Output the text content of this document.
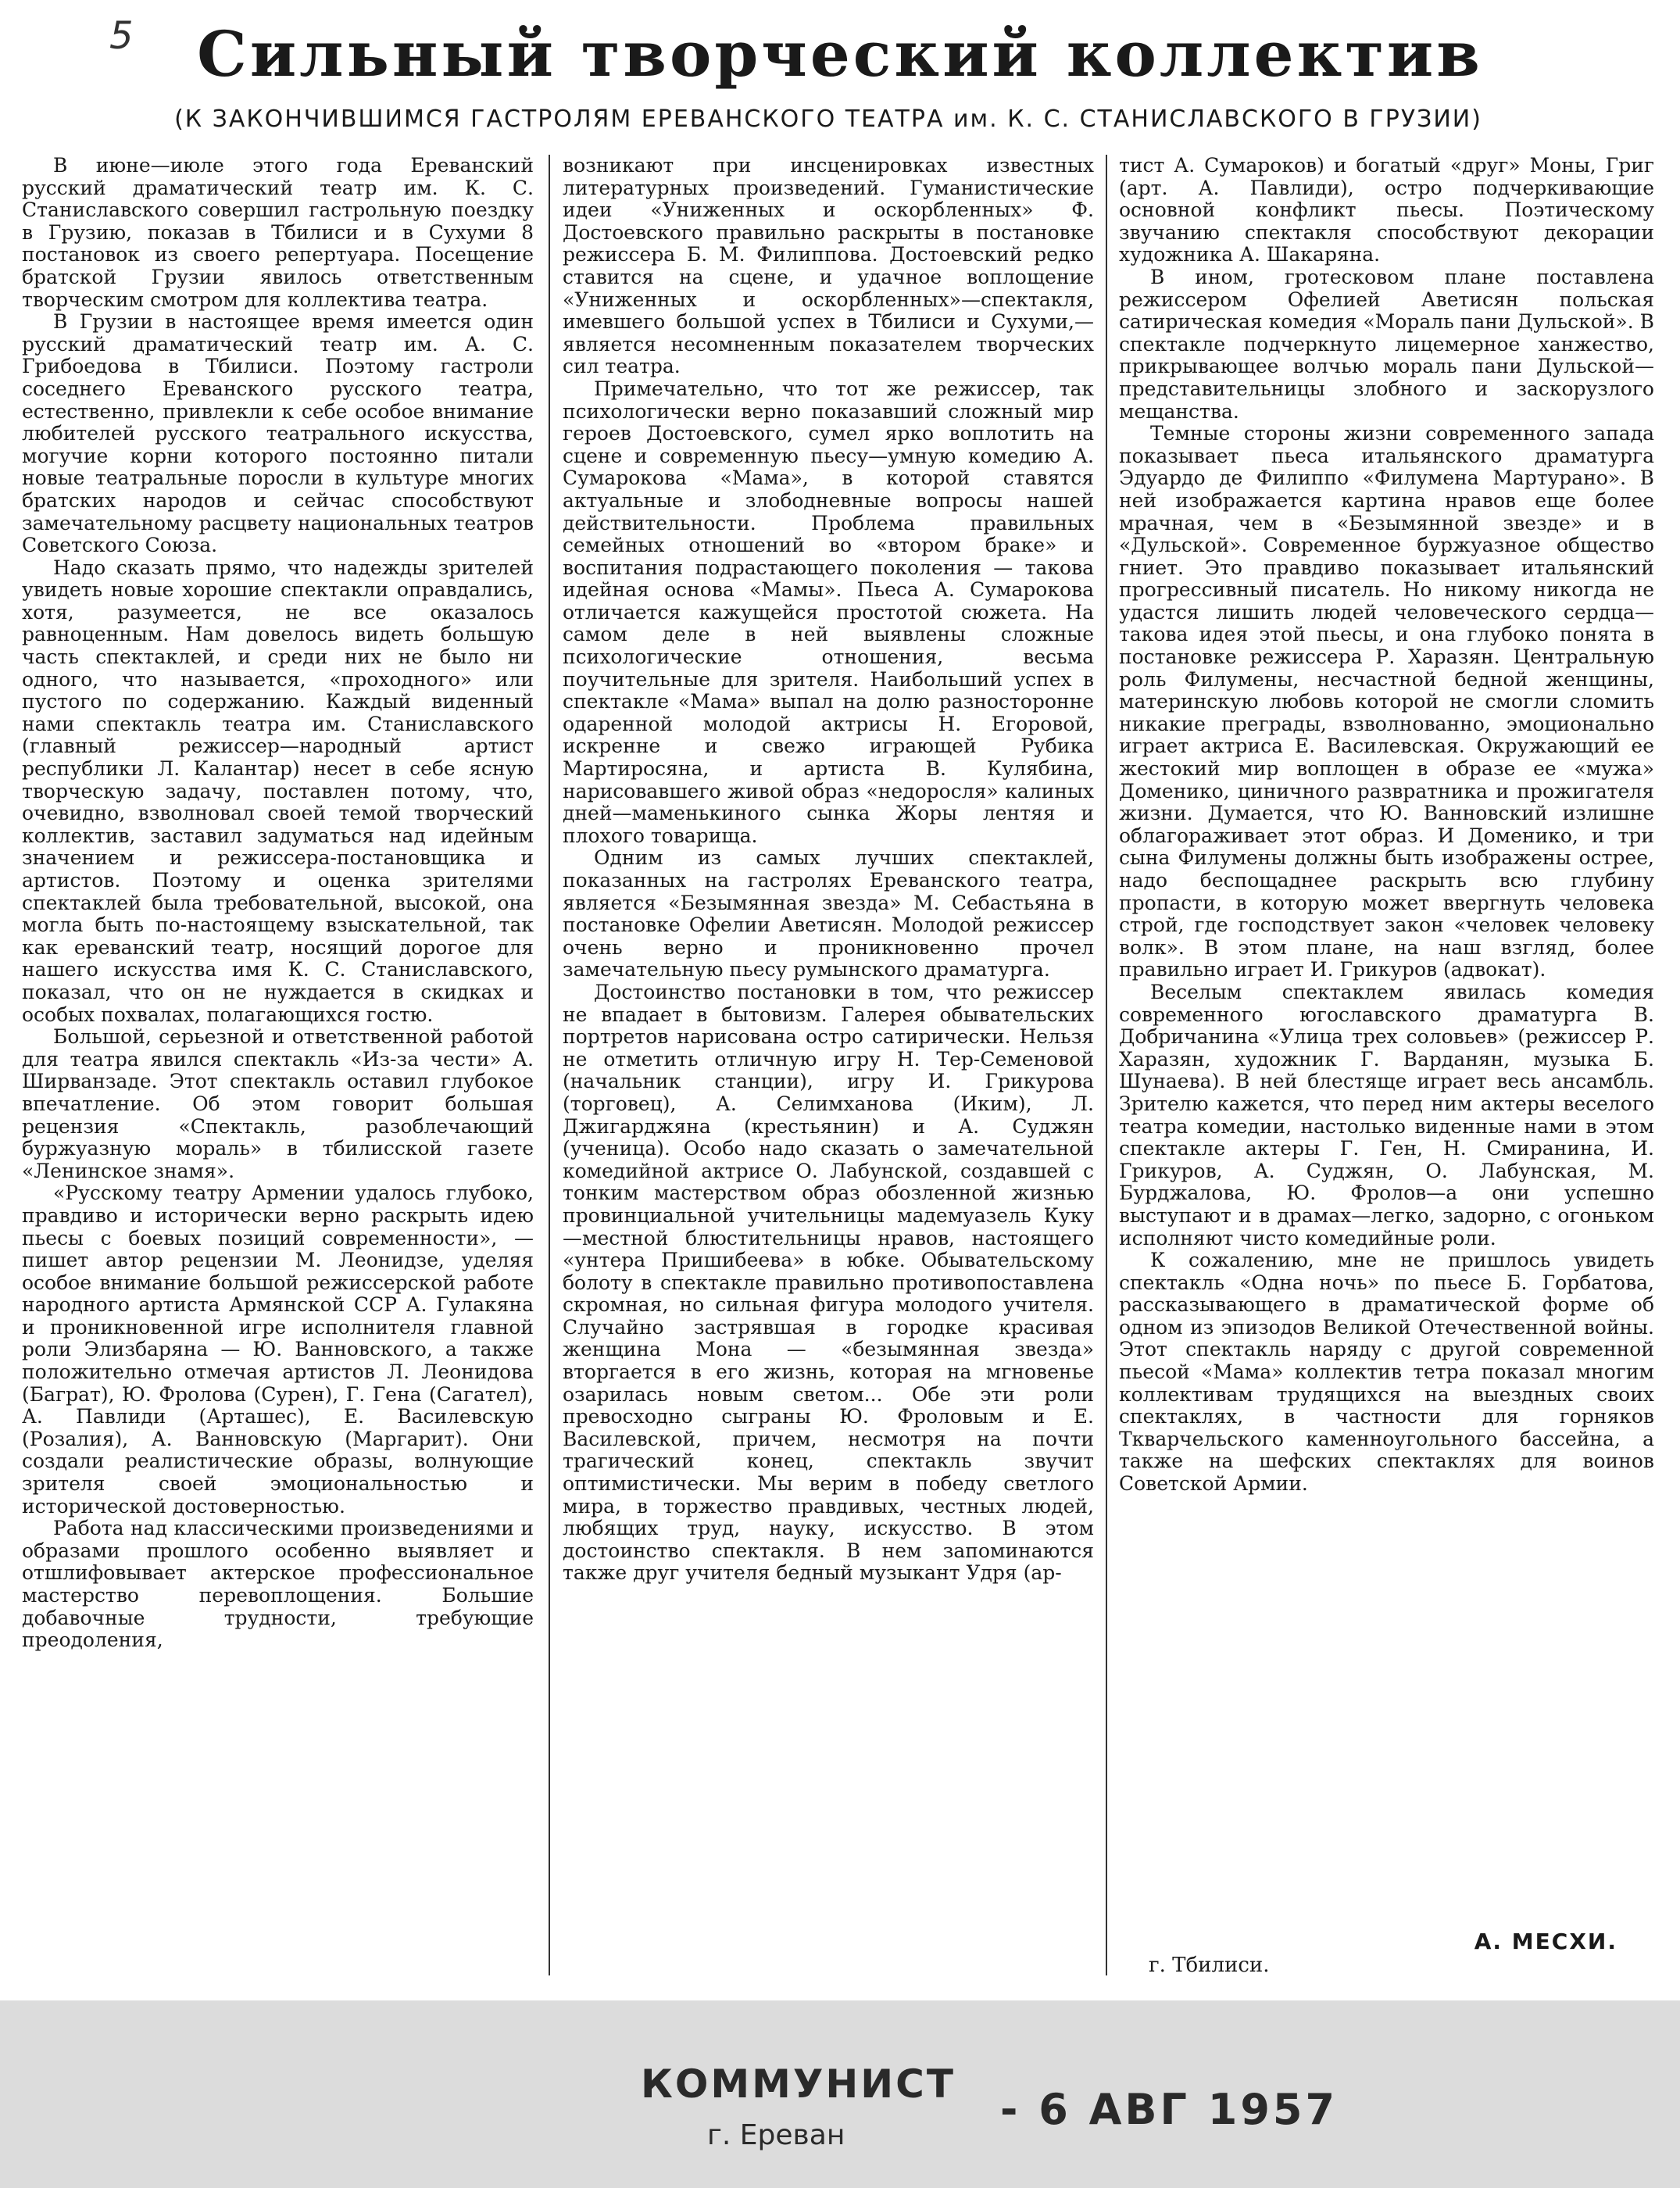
5	Сильный творческий коллектив
(К ЗАКОНЧИВШИМСЯ ГАСТРОЛЯМ ЕРЕВАНСКОГО ТЕАТРА им. К. С. СТАНИСЛАВСКОГО В ГРУЗИИ)

В июне—июле этого года Ереванский русский драматический театр им. К. С. Станиславского совершил гастрольную поездку в Грузию, показав в Тбилиси и в Сухуми 8 постановок из своего репертуара. Посещение братской Грузии явилось ответственным творческим смотром для коллектива театра.

В Грузии в настоящее время имеется один русский драматический театр им. А. С. Грибоедова в Тбилиси. Поэтому гастроли соседнего Ереванского русского театра, естественно, привлекли к себе особое внимание любителей русского театрального искусства, могучие корни которого постоянно питали новые театральные поросли в культуре многих братских народов и сейчас способствуют замечательному расцвету национальных театров Советского Союза.

Надо сказать прямо, что надежды зрителей увидеть новые хорошие спектакли оправдались, хотя, разумеется, не все оказалось равноценным. Нам довелось видеть большую часть спектаклей, и среди них не было ни одного, что называется, «проходного» или пустого по содержанию. Каждый виденный нами спектакль театра им. Станиславского (главный режиссер—народный артист республики Л. Калантар) несет в себе ясную творческую задачу, поставлен потому, что, очевидно, взволновал своей темой творческий коллектив, заставил задуматься над идейным значением и режиссера-постановщика и артистов. Поэтому и оценка зрителями спектаклей была требовательной, высокой, она могла быть по-настоящему взыскательной, так как ереванский театр, носящий дорогое для нашего искусства имя К. С. Станиславского, показал, что он не нуждается в скидках и особых похвалах, полагающихся гостю.

Большой, серьезной и ответственной работой для театра явился спектакль «Из-за чести» А. Ширванзаде. Этот спектакль оставил глубокое впечатление. Об этом говорит большая рецензия «Спектакль, разоблечающий буржуазную мораль» в тбилисской газете «Ленинское знамя».

«Русскому театру Армении удалось глубоко, правдиво и исторически верно раскрыть идею пьесы с боевых позиций современности», — пишет автор рецензии М. Леонидзе, уделяя особое внимание большой режиссерской работе народного артиста Армянской ССР А. Гулакяна и проникновенной игре исполнителя главной роли Элизбаряна — Ю. Ванновского, а также положительно отмечая артистов Л. Леонидова (Баграт), Ю. Фролова (Сурен), Г. Гена (Сагател), А. Павлиди (Арташес), Е. Василевскую (Розалия), А. Ванновскую (Маргарит). Они создали реалистические образы, волнующие зрителя своей эмоциональностью и исторической достоверностью.

Работа над классическими произведениями и образами прошлого особенно выявляет и отшлифовывает актерское профессиональное мастерство перевоплощения. Большие добавочные трудности, требующие преодоления,

возникают при инсценировках известных литературных произведений. Гуманистические идеи «Униженных и оскорбленных» Ф. Достоевского правильно раскрыты в постановке режиссера Б. М. Филиппова. Достоевский редко ставится на сцене, и удачное воплощение «Униженных и оскорбленных»—спектакля, имевшего большой успех в Тбилиси и Сухуми,—является несомненным показателем творческих сил театра.

Примечательно, что тот же режиссер, так психологически верно показавший сложный мир героев Достоевского, сумел ярко воплотить на сцене и современную пьесу—умную комедию А. Сумарокова «Мама», в которой ставятся актуальные и злободневные вопросы нашей действительности. Проблема правильных семейных отношений во «втором браке» и воспитания подрастающего поколения — такова идейная основа «Мамы». Пьеса А. Сумарокова отличается кажущейся простотой сюжета. На самом деле в ней выявлены сложные психологические отношения, весьма поучительные для зрителя. Наибольший успех в спектакле «Мама» выпал на долю разносторонне одаренной молодой актрисы Н. Егоровой, искренне и свежо играющей Рубика Мартиросяна, и артиста В. Кулябина, нарисовавшего живой образ «недоросля» калиных дней—маменькиного сынка Жоры лентяя и плохого товарища.

Одним из самых лучших спектаклей, показанных на гастролях Ереванского театра, является «Безымянная звезда» М. Себастьяна в постановке Офелии Аветисян. Молодой режиссер очень верно и проникновенно прочел замечательную пьесу румынского драматурга.

Достоинство постановки в том, что режиссер не впадает в бытовизм. Галерея обывательских портретов нарисована остро сатирически. Нельзя не отметить отличную игру Н. Тер-Семеновой (начальник станции), игру И. Грикурова (торговец), А. Селимханова (Иким), Л. Джигарджяна (крестьянин) и А. Суджян (ученица). Особо надо сказать о замечательной комедийной актрисе О. Лабунской, создавшей с тонким мастерством образ обозленной жизнью провинциальной учительницы мадемуазель Куку—местной блюстительницы нравов, настоящего «унтера Пришибеева» в юбке. Обывательскому болоту в спектакле правильно противопоставлена скромная, но сильная фигура молодого учителя. Случайно застрявшая в городке красивая женщина Мона — «безымянная звезда» вторгается в его жизнь, которая на мгновенье озарилась новым светом... Обе эти роли превосходно сыграны Ю. Фроловым и Е. Василевской, причем, несмотря на почти трагический конец, спектакль звучит оптимистически. Мы верим в победу светлого мира, в торжество правдивых, честных людей, любящих труд, науку, искусство. В этом достоинство спектакля. В нем запоминаются также друг учителя бедный музыкант Удря (ар-

тист А. Сумароков) и богатый «друг» Моны, Григ (арт. А. Павлиди), остро подчеркивающие основной конфликт пьесы. Поэтическому звучанию спектакля способствуют декорации художника А. Шакаряна.

В ином, гротесковом плане поставлена режиссером Офелией Аветисян польская сатирическая комедия «Мораль пани Дульской». В спектакле подчеркнуто лицемерное ханжество, прикрывающее волчью мораль пани Дульской—представительницы злобного и заскорузлого мещанства.

Темные стороны жизни современного запада показывает пьеса итальянского драматурга Эдуардо де Филиппо «Филумена Мартурано». В ней изображается картина нравов еще более мрачная, чем в «Безымянной звезде» и в «Дульской». Современное буржуазное общество гниет. Это правдиво показывает итальянский прогрессивный писатель. Но никому никогда не удастся лишить людей человеческого сердца—такова идея этой пьесы, и она глубоко понята в постановке режиссера Р. Харазян. Центральную роль Филумены, несчастной бедной женщины, материнскую любовь которой не смогли сломить никакие преграды, взволнованно, эмоционально играет актриса Е. Василевская. Окружающий ее жестокий мир воплощен в образе ее «мужа» Доменико, циничного развратника и прожигателя жизни. Думается, что Ю. Ванновский излишне облагораживает этот образ. И Доменико, и три сына Филумены должны быть изображены острее, надо беспощаднее раскрыть всю глубину пропасти, в которую может ввергнуть человека строй, где господствует закон «человек человеку волк». В этом плане, на наш взгляд, более правильно играет И. Грикуров (адвокат).

Веселым спектаклем явилась комедия современного югославского драматурга В. Добричанина «Улица трех соловьев» (режиссер Р. Харазян, художник Г. Варданян, музыка Б. Шунаева). В ней блестяще играет весь ансамбль. Зрителю кажется, что перед ним актеры веселого театра комедии, настолько виденные нами в этом спектакле актеры Г. Ген, Н. Смиранина, И. Грикуров, А. Суджян, О. Лабунская, М. Бурджалова, Ю. Фролов—а они успешно выступают и в драмах—легко, задорно, с огоньком исполняют чисто комедийные роли.

К сожалению, мне не пришлось увидеть спектакль «Одна ночь» по пьесе Б. Горбатова, рассказывающего в драматической форме об одном из эпизодов Великой Отечественной войны. Этот спектакль наряду с другой современной пьесой «Мама» коллектив тетра показал многим коллективам трудящихся на выездных своих спектаклях, в частности для горняков Ткварчельского каменноугольного бассейна, а также на шефских спектаклях для воинов Советской Армии.

А. МЕСХИ.
г. Тбилиси.
КОММУНИСТ
г. Ереван
- 6 АВГ 1957
